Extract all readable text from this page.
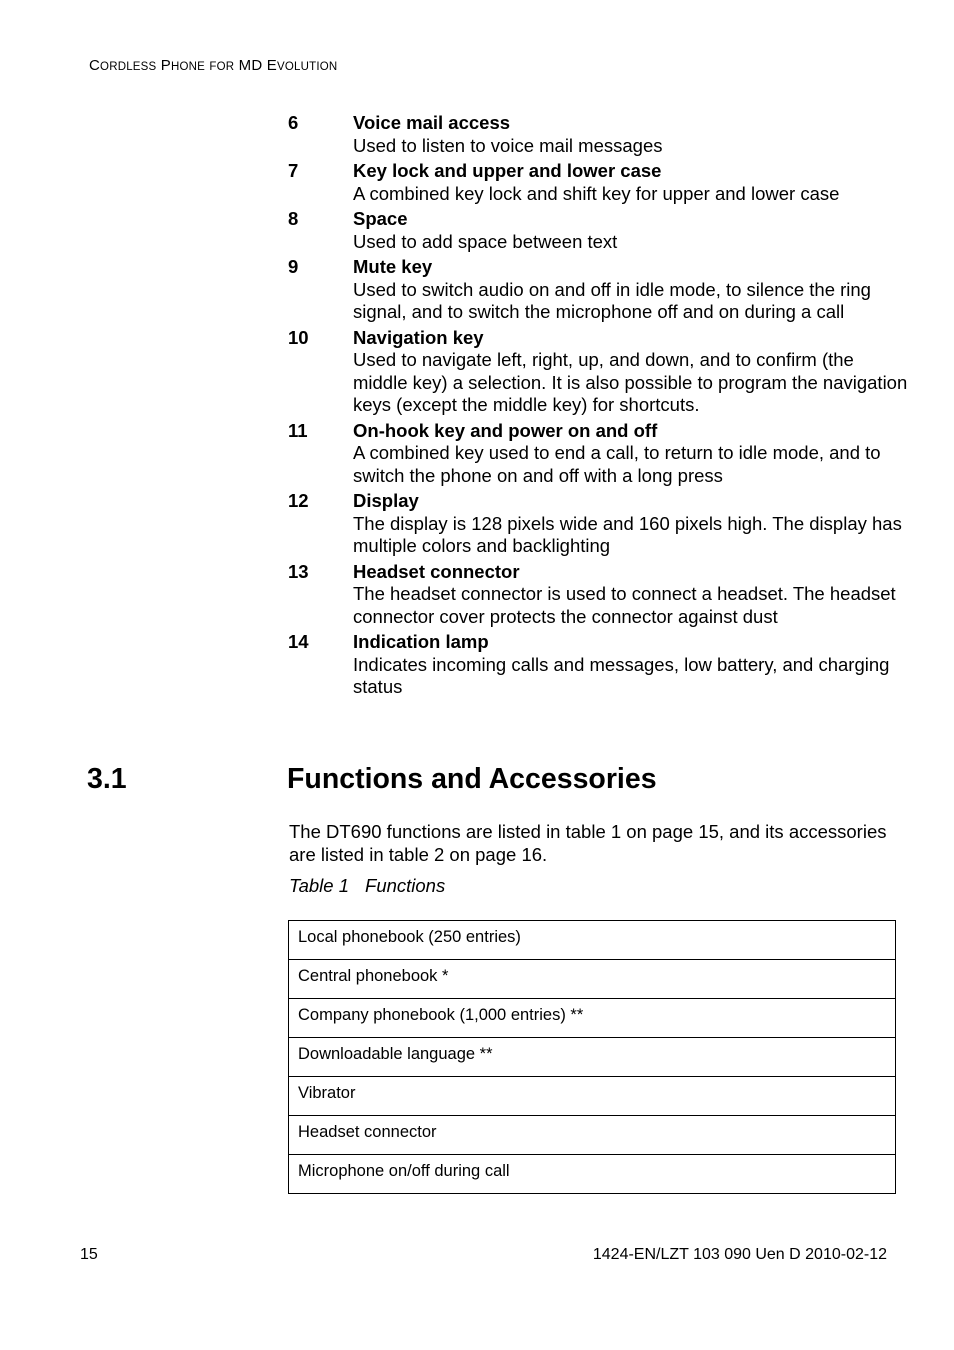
CORDLESS PHONE FOR MD EVOLUTION
6	Voice mail access
Used to listen to voice mail messages
7	Key lock and upper and lower case
A combined key lock and shift key for upper and lower case
8	Space
Used to add space between text
9	Mute key
Used to switch audio on and off in idle mode, to silence the ring signal, and to switch the microphone off and on during a call
10	Navigation key
Used to navigate left, right, up, and down, and to confirm (the middle key) a selection. It is also possible to program the navigation keys (except the middle key) for shortcuts.
11	On-hook key and power on and off
A combined key used to end a call, to return to idle mode, and to switch the phone on and off with a long press
12	Display
The display is 128 pixels wide and 160 pixels high. The display has multiple colors and backlighting
13	Headset connector
The headset connector is used to connect a headset. The headset connector cover protects the connector against dust
14	Indication lamp
Indicates incoming calls and messages, low battery, and charging status
3.1	Functions and Accessories
The DT690 functions are listed in table 1 on page 15, and its accessories are listed in table 2 on page 16.
Table 1 Functions
Local phonebook (250 entries)

Central phonebook *

Company phonebook (1,000 entries) **

Downloadable language **

Vibrator

Headset connector

Microphone on/off during call
15	1424-EN/LZT 103 090 Uen D 2010-02-12
